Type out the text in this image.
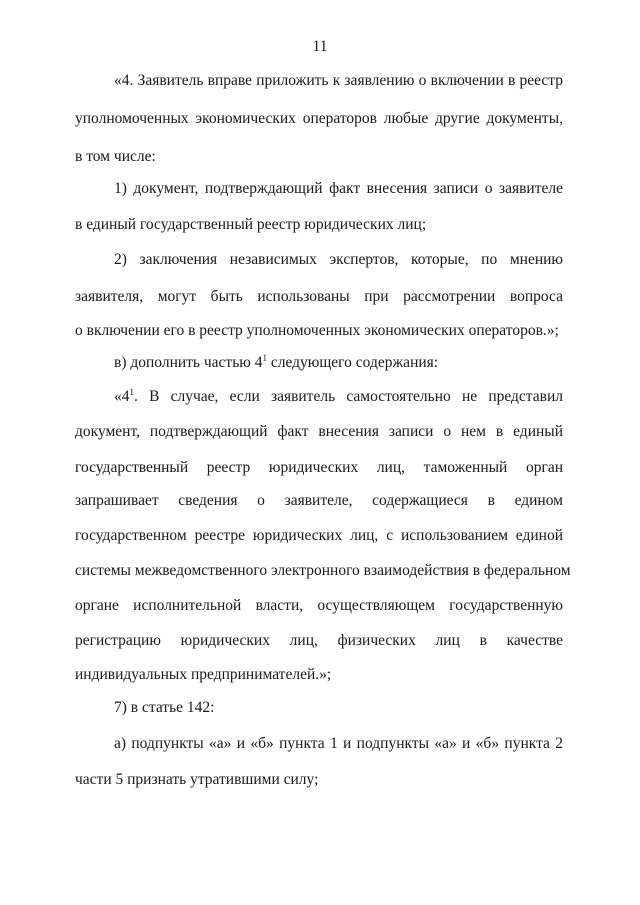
11
«4. Заявитель вправе приложить к заявлению о включении в реестр
уполномоченных экономических операторов любые другие документы,
в том числе:
1) документ, подтверждающий факт внесения записи о заявителе
в единый государственный реестр юридических лиц;
2) заключения независимых экспертов, которые, по мнению
заявителя, могут быть использованы при рассмотрении вопроса
о включении его в реестр уполномоченных экономических операторов.»;
в) дополнить частью $4^1$ следующего содержания:
«$4^1$. В случае, если заявитель самостоятельно не представил
документ, подтверждающий факт внесения записи о нем в единый
государственный реестр юридических лиц, таможенный орган
запрашивает сведения о заявителе, содержащиеся в едином
государственном реестре юридических лиц, с использованием единой
системы межведомственного электронного взаимодействия в федеральном
органе исполнительной власти, осуществляющем государственную
регистрацию юридических лиц, физических лиц в качестве
индивидуальных предпринимателей.»;
7) в статье 142:
а) подпункты «а» и «б» пункта 1 и подпункты «а» и «б» пункта 2
части 5 признать утратившими силу;
